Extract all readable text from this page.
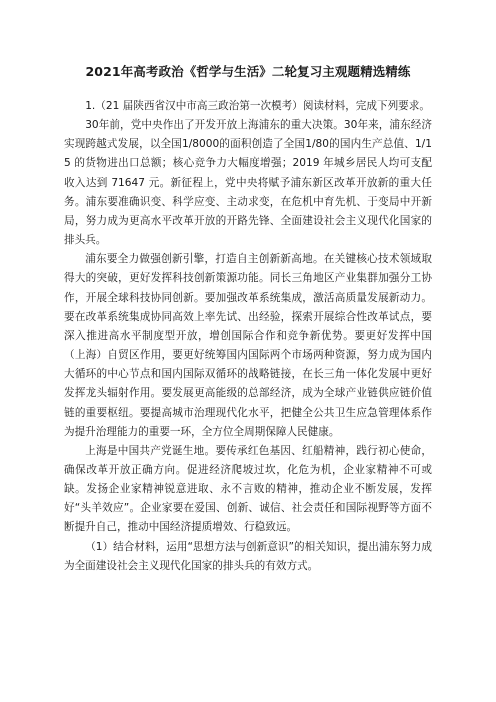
2021年高考政治《哲学与生活》二轮复习主观题精选精练

1.（21 届陕西省汉中市高三政治第一次模考）阅读材料，完成下列要求。

30年前，党中央作出了开发开放上海浦东的重大决策。30年来，浦东经济实现跨越式发展，以全国1/8000的面积创造了全国1/80的国内生产总值、1/15 的货物进出口总额；核心竞争力大幅度增强；2019 年城乡居民人均可支配收入达到 71647 元。新征程上，党中央将赋予浦东新区改革开放新的重大任务。浦东要准确识变、科学应变、主动求变，在危机中育先机、于变局中开新局，努力成为更高水平改革开放的开路先锋、全面建设社会主义现代化国家的排头兵。

浦东要全力做强创新引擎，打造自主创新新高地。在关键核心技术领域取得大的突破，更好发挥科技创新策源功能。同长三角地区产业集群加强分工协作，开展全球科技协同创新。要加强改革系统集成，激活高质量发展新动力。要在改革系统集成协同高效上率先试、出经验，探索开展综合性改革试点，要深入推进高水平制度型开放，增创国际合作和竞争新优势。要更好发挥中国（上海）自贸区作用，要更好统筹国内国际两个市场两种资源，努力成为国内大循环的中心节点和国内国际双循环的战略链接，在长三角一体化发展中更好发挥龙头辐射作用。要发展更高能级的总部经济，成为全球产业链供应链价值链的重要枢纽。要提高城市治理现代化水平，把健全公共卫生应急管理体系作为提升治理能力的重要一环，全方位全周期保障人民健康。

上海是中国共产党诞生地。要传承红色基因、红船精神，践行初心使命，确保改革开放正确方向。促进经济爬坡过坎，化危为机，企业家精神不可或缺。发扬企业家精神锐意进取、永不言败的精神，推动企业不断发展，发挥好“头羊效应”。企业家要在爱国、创新、诚信、社会责任和国际视野等方面不断提升自己，推动中国经济提质增效、行稳致远。

（1）结合材料，运用“思想方法与创新意识”的相关知识，提出浦东努力成为全面建设社会主义现代化国家的排头兵的有效方式。
